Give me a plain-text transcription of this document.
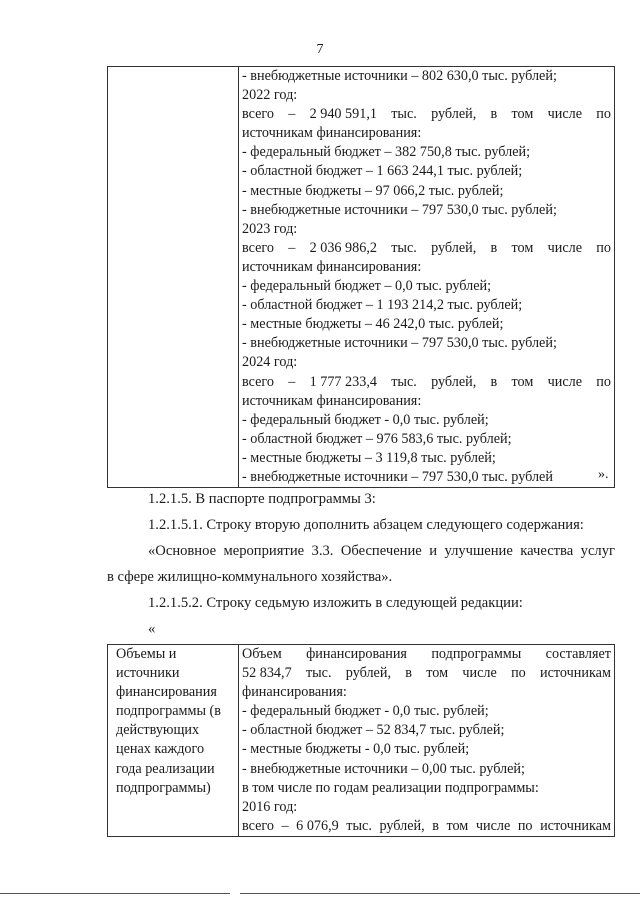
7

- внебюджетные источники – 802 630,0 тыс. рублей;
2022 год:
всего – 2 940 591,1 тыс. рублей, в том числе по
источникам финансирования:
- федеральный бюджет – 382 750,8 тыс. рублей;
- областной бюджет – 1 663 244,1 тыс. рублей;
- местные бюджеты – 97 066,2 тыс. рублей;
- внебюджетные источники – 797 530,0 тыс. рублей;
2023 год:
всего – 2 036 986,2 тыс. рублей, в том числе по
источникам финансирования:
- федеральный бюджет – 0,0 тыс. рублей;
- областной бюджет – 1 193 214,2 тыс. рублей;
- местные бюджеты – 46 242,0 тыс. рублей;
- внебюджетные источники – 797 530,0 тыс. рублей;
2024 год:
всего – 1 777 233,4 тыс. рублей, в том числе по
источникам финансирования:
- федеральный бюджет - 0,0 тыс. рублей;
- областной бюджет – 976 583,6 тыс. рублей;
- местные бюджеты – 3 119,8 тыс. рублей;
- внебюджетные источники – 797 530,0 тыс. рублей	».
1.2.1.5. В паспорте подпрограммы 3:
1.2.1.5.1. Строку вторую дополнить абзацем следующего содержания:
«Основное мероприятие 3.3. Обеспечение и улучшение качества услуг
в сфере жилищно-коммунального хозяйства».
1.2.1.5.2. Строку седьмую изложить в следующей редакции:
«
Объемы и
источники
финансирования
подпрограммы (в
действующих
ценах каждого
года реализации
подпрограммы)

Объем финансирования подпрограммы составляет
52 834,7 тыс. рублей, в том числе по источникам
финансирования:
- федеральный бюджет - 0,0 тыс. рублей;
- областной бюджет – 52 834,7 тыс. рублей;
- местные бюджеты - 0,0 тыс. рублей;
- внебюджетные источники – 0,00 тыс. рублей;
в том числе по годам реализации подпрограммы:
2016 год:
всего – 6 076,9 тыс. рублей, в том числе по источникам
